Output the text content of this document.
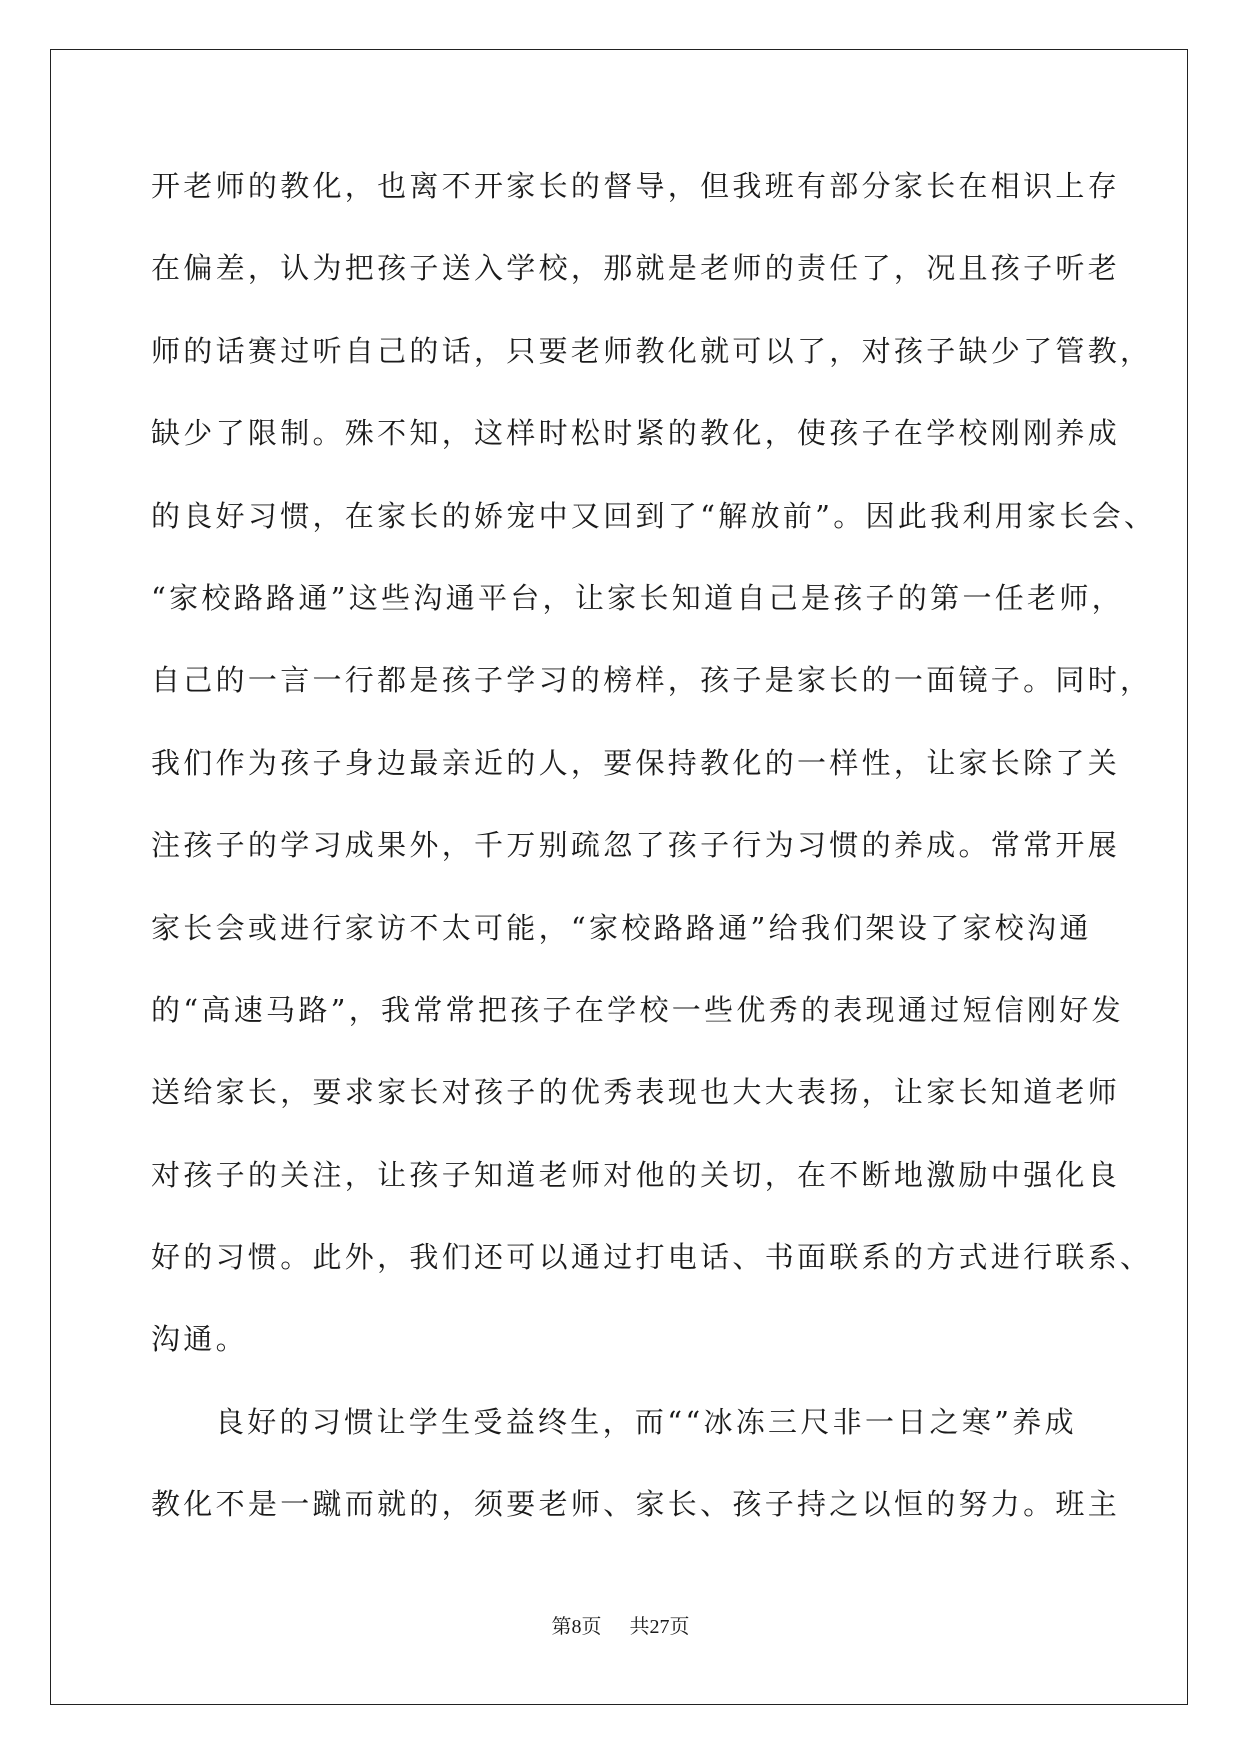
开老师的教化，也离不开家长的督导，但我班有部分家长在相识上存
在偏差，认为把孩子送入学校，那就是老师的责任了，况且孩子听老
师的话赛过听自己的话，只要老师教化就可以了，对孩子缺少了管教，
缺少了限制。殊不知，这样时松时紧的教化，使孩子在学校刚刚养成
的良好习惯，在家长的娇宠中又回到了“解放前”。因此我利用家长会、
“家校路路通”这些沟通平台，让家长知道自己是孩子的第一任老师，
自己的一言一行都是孩子学习的榜样，孩子是家长的一面镜子。同时，
我们作为孩子身边最亲近的人，要保持教化的一样性，让家长除了关
注孩子的学习成果外，千万别疏忽了孩子行为习惯的养成。常常开展
家长会或进行家访不太可能，“家校路路通”给我们架设了家校沟通
的“高速马路”，我常常把孩子在学校一些优秀的表现通过短信刚好发
送给家长，要求家长对孩子的优秀表现也大大表扬，让家长知道老师
对孩子的关注，让孩子知道老师对他的关切，在不断地激励中强化良
好的习惯。此外，我们还可以通过打电话、书面联系的方式进行联系、
沟通。
良好的习惯让学生受益终生，而““冰冻三尺非一日之寒”养成
教化不是一蹴而就的，须要老师、家长、孩子持之以恒的努力。班主
第8页 共27页
